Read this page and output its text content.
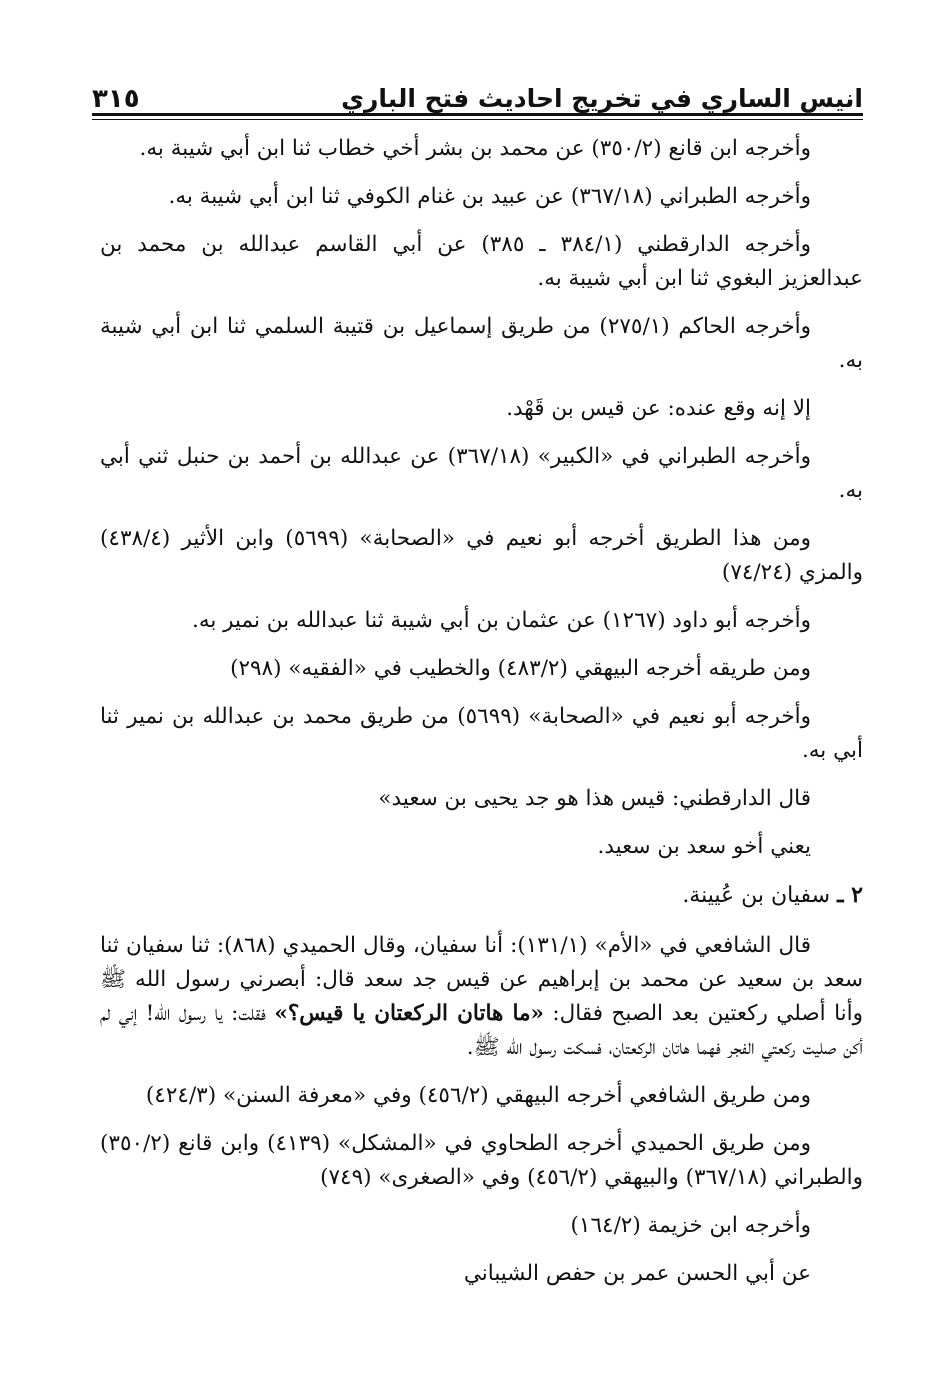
انيس الساري في تخريج احاديث فتح الباري
٣١٥

وأخرجه ابن قانع (٣٥٠/٢) عن محمد بن بشر أخي خطاب ثنا ابن أبي شيبة به.

وأخرجه الطبراني (٣٦٧/١٨) عن عبيد بن غنام الكوفي ثنا ابن أبي شيبة به.

وأخرجه الدارقطني (٣٨٤/١ ـ ٣٨٥) عن أبي القاسم عبدالله بن محمد بن عبدالعزيز البغوي ثنا ابن أبي شيبة به.

وأخرجه الحاكم (٢٧٥/١) من طريق إسماعيل بن قتيبة السلمي ثنا ابن أبي شيبة به.

إلا إنه وقع عنده: عن قيس بن قَهْد.

وأخرجه الطبراني في «الكبير» (٣٦٧/١٨) عن عبدالله بن أحمد بن حنبل ثني أبي به.

ومن هذا الطريق أخرجه أبو نعيم في «الصحابة» (٥٦٩٩) وابن الأثير (٤٣٨/٤) والمزي (٧٤/٢٤)

وأخرجه أبو داود (١٢٦٧) عن عثمان بن أبي شيبة ثنا عبدالله بن نمير به.

ومن طريقه أخرجه البيهقي (٤٨٣/٢) والخطيب في «الفقيه» (٢٩٨)

وأخرجه أبو نعيم في «الصحابة» (٥٦٩٩) من طريق محمد بن عبدالله بن نمير ثنا أبي به.

قال الدارقطني: قيس هذا هو جد يحيى بن سعيد»

يعني أخو سعد بن سعيد.

٢ ـ سفيان بن عُيينة.

قال الشافعي في «الأم» (١٣١/١): أنا سفيان، وقال الحميدي (٨٦٨): ثنا سفيان ثنا سعد بن سعيد عن محمد بن إبراهيم عن قيس جد سعد قال: أبصرني رسول الله ﷺ وأنا أصلي ركعتين بعد الصبح فقال: «ما هاتان الركعتان يا قيس؟» فقلت: يا رسول الله! إني لم أكن صليت ركعتي الفجر فهما هاتان الركعتان، فسكت رسول الله ﷺ.

ومن طريق الشافعي أخرجه البيهقي (٤٥٦/٢) وفي «معرفة السنن» (٤٢٤/٣)

ومن طريق الحميدي أخرجه الطحاوي في «المشكل» (٤١٣٩) وابن قانع (٣٥٠/٢) والطبراني (٣٦٧/١٨) والبيهقي (٤٥٦/٢) وفي «الصغرى» (٧٤٩)

وأخرجه ابن خزيمة (١٦٤/٢)

عن أبي الحسن عمر بن حفص الشيباني
